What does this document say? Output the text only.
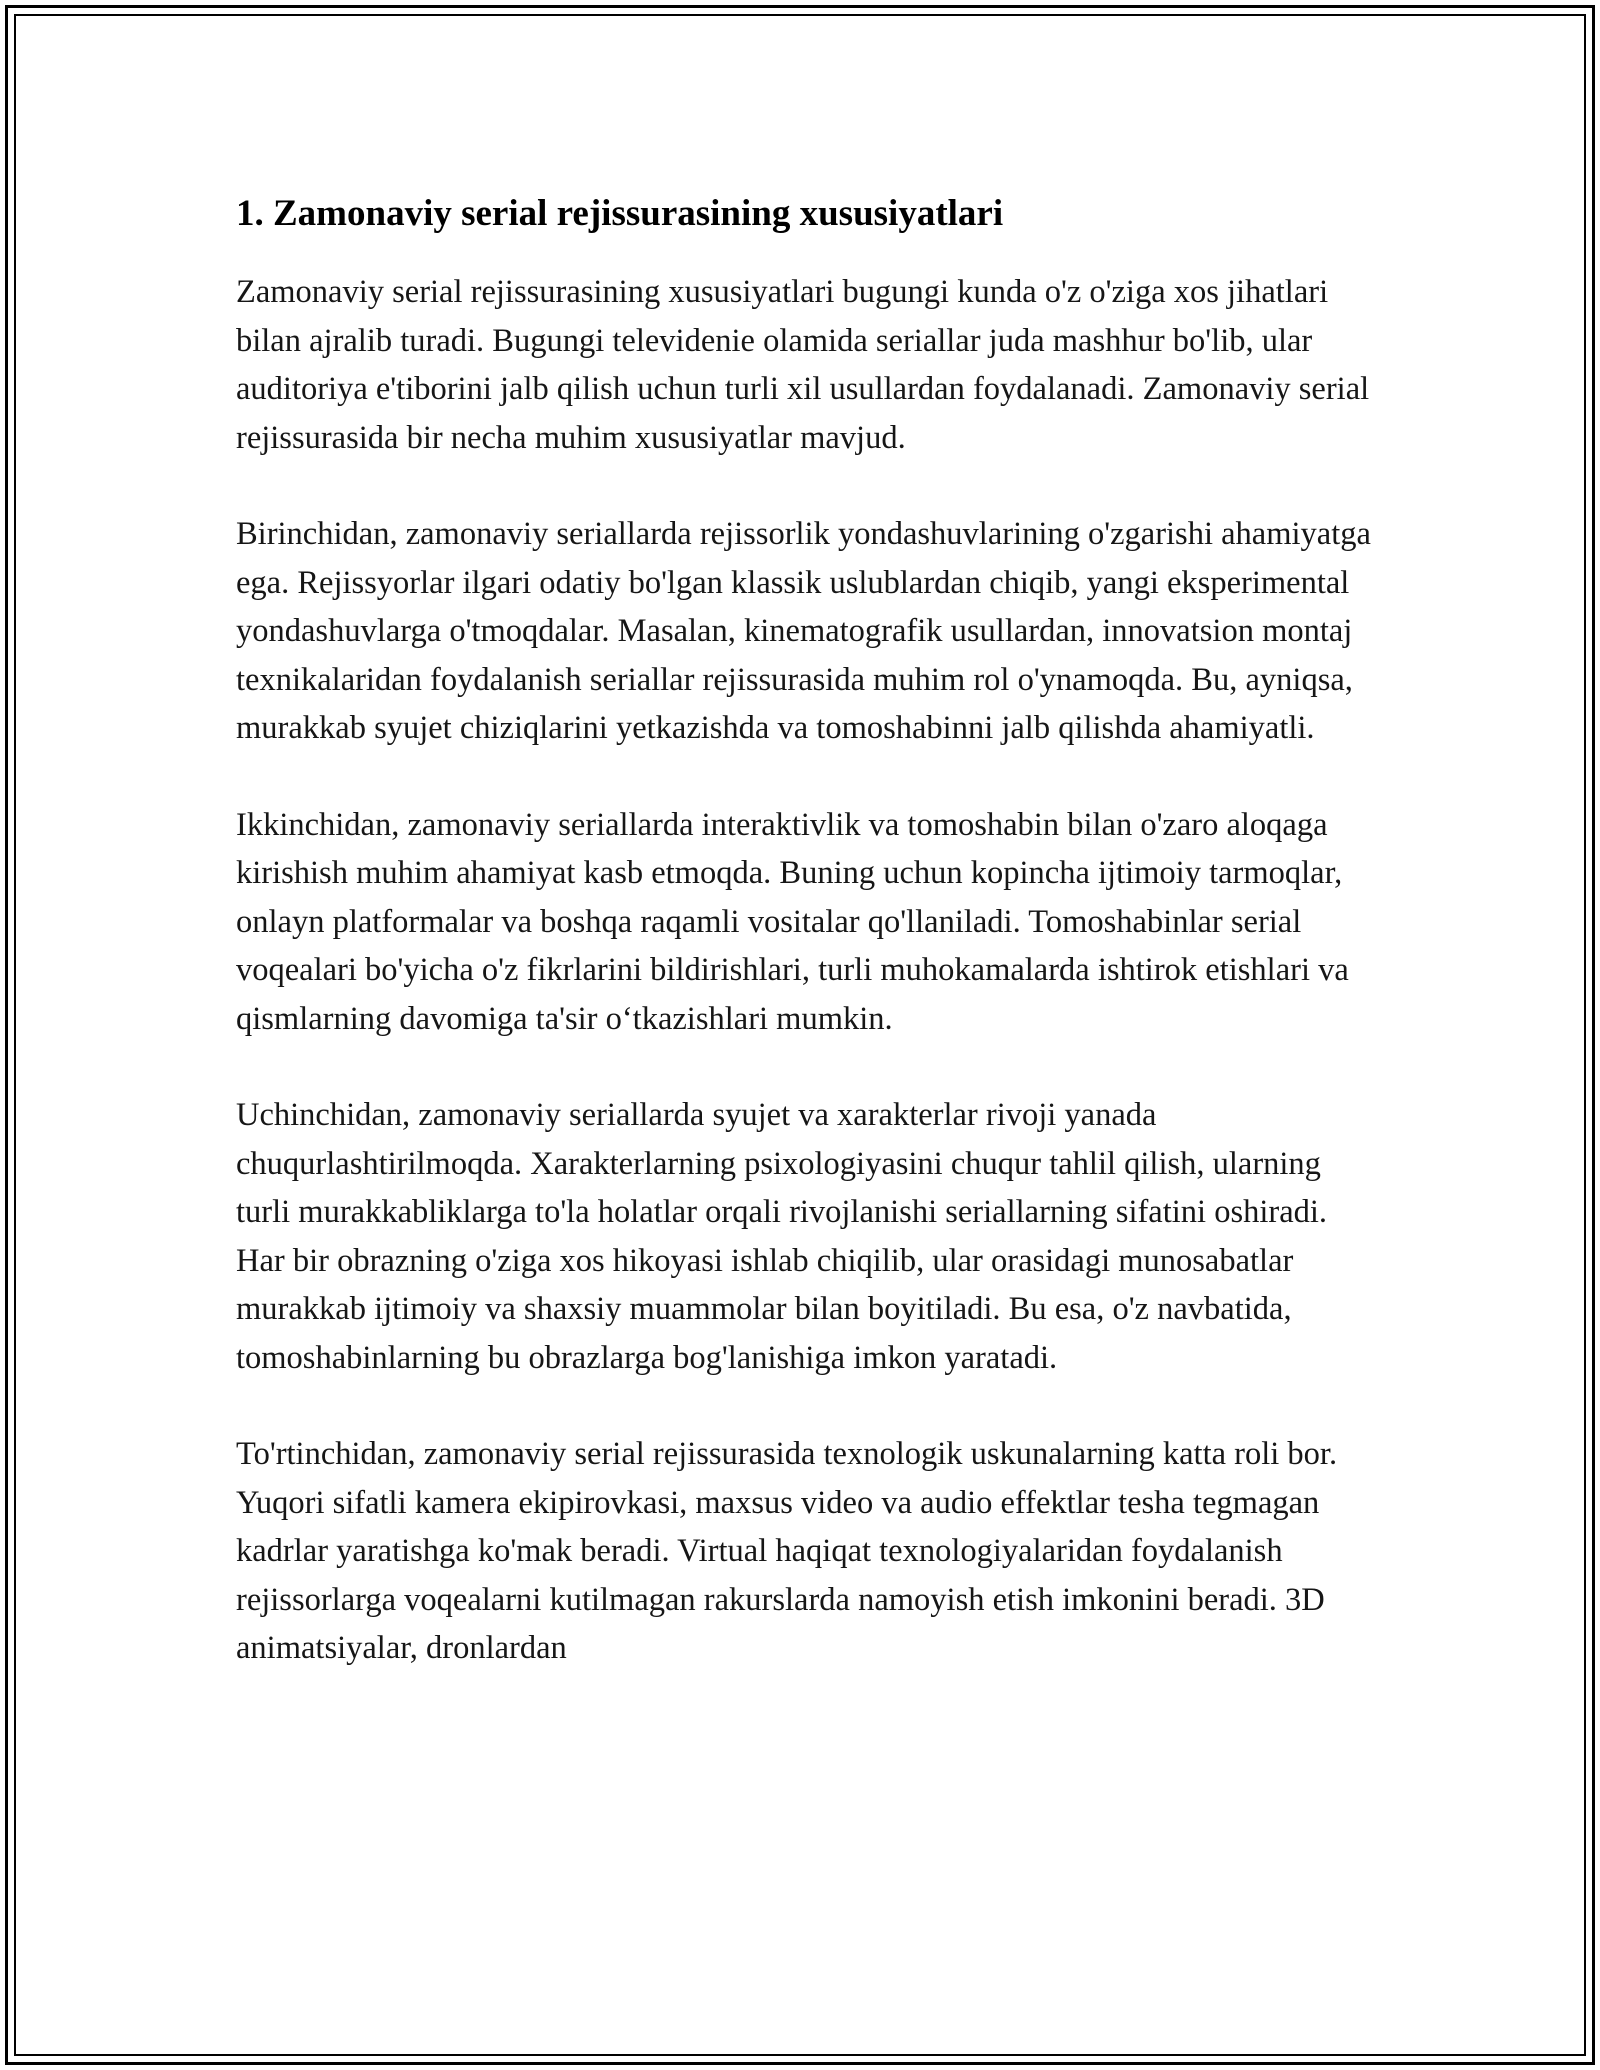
1. Zamonaviy serial rejissurasining xususiyatlari

Zamonaviy serial rejissurasining xususiyatlari bugungi kunda o'z o'ziga xos jihatlari bilan ajralib turadi. Bugungi televidenie olamida seriallar juda mashhur bo'lib, ular auditoriya e'tiborini jalb qilish uchun turli xil usullardan foydalanadi. Zamonaviy serial rejissurasida bir necha muhim xususiyatlar mavjud.

Birinchidan, zamonaviy seriallarda rejissorlik yondashuvlarining o'zgarishi ahamiyatga ega. Rejissyorlar ilgari odatiy bo'lgan klassik uslublardan chiqib, yangi eksperimental yondashuvlarga o'tmoqdalar. Masalan, kinematografik usullardan, innovatsion montaj texnikalaridan foydalanish seriallar rejissurasida muhim rol o'ynamoqda. Bu, ayniqsa, murakkab syujet chiziqlarini yetkazishda va tomoshabinni jalb qilishda ahamiyatli.

Ikkinchidan, zamonaviy seriallarda interaktivlik va tomoshabin bilan o'zaro aloqaga kirishish muhim ahamiyat kasb etmoqda. Buning uchun kopincha ijtimoiy tarmoqlar, onlayn platformalar va boshqa raqamli vositalar qo'llaniladi. Tomoshabinlar serial voqealari bo'yicha o'z fikrlarini bildirishlari, turli muhokamalarda ishtirok etishlari va qismlarning davomiga ta'sir o‘tkazishlari mumkin.

Uchinchidan, zamonaviy seriallarda syujet va xarakterlar rivoji yanada chuqurlashtirilmoqda. Xarakterlarning psixologiyasini chuqur tahlil qilish, ularning turli murakkabliklarga to'la holatlar orqali rivojlanishi seriallarning sifatini oshiradi. Har bir obrazning o'ziga xos hikoyasi ishlab chiqilib, ular orasidagi munosabatlar murakkab ijtimoiy va shaxsiy muammolar bilan boyitiladi. Bu esa, o'z navbatida, tomoshabinlarning bu obrazlarga bog'lanishiga imkon yaratadi.

To'rtinchidan, zamonaviy serial rejissurasida texnologik uskunalarning katta roli bor. Yuqori sifatli kamera ekipirovkasi, maxsus video va audio effektlar tesha tegmagan kadrlar yaratishga ko'mak beradi. Virtual haqiqat texnologiyalaridan foydalanish rejissorlarga voqealarni kutilmagan rakurslarda namoyish etish imkonini beradi. 3D animatsiyalar, dronlardan
